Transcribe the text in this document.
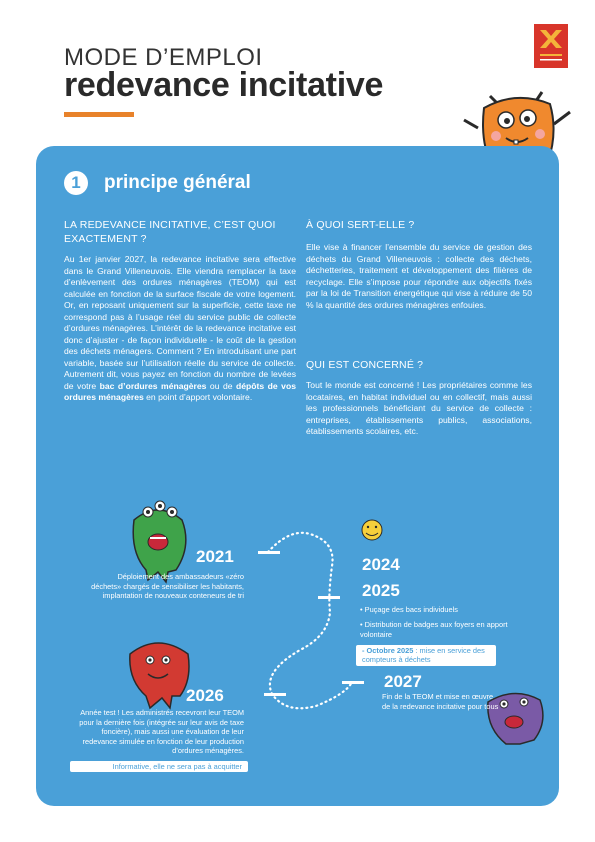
MODE D’EMPLOI
redevance incitative
1	principe général
LA REDEVANCE INCITATIVE, C’EST QUOI EXACTEMENT ?
Au 1er janvier 2027, la redevance incitative sera effective dans le Grand Villeneuvois. Elle viendra remplacer la taxe d’enlèvement des ordures ménagères (TEOM) qui est calculée en fonction de la surface fiscale de votre logement. Or, en reposant uniquement sur la superficie, cette taxe ne correspond pas à l’usage réel du service public de collecte d’ordures ménagères. L’intérêt de la redevance incitative est donc d’ajuster - de façon individuelle - le coût de la gestion des déchets ménagers. Comment ? En introduisant une part variable, basée sur l’utilisation réelle du service de collecte. Autrement dit, vous payez en fonction du nombre de levées de votre bac d’ordures ménagères ou de dépôts de vos ordures ménagères en point d’apport volontaire.
À QUOI SERT-ELLE ?
Elle vise à financer l’ensemble du service de gestion des déchets du Grand Villeneuvois : collecte des déchets, déchetteries, traitement et développement des filières de recyclage. Elle s’impose pour répondre aux objectifs fixés par la loi de Transition énergétique qui vise à réduire de 50 % la quantité des ordures ménagères enfouies.
QUI EST CONCERNÉ ?
Tout le monde est concerné ! Les propriétaires comme les locataires, en habitat individuel ou en collectif, mais aussi les professionnels bénéficiant du service de collecte : entreprises, établissements publics, associations, établissements scolaires, etc.
2021
Déploiement des ambassadeurs «zéro déchets» chargés de sensibiliser les habitants, implantation de nouveaux conteneurs de tri
2024
2025
• Puçage des bacs individuels
• Distribution de badges aux foyers en apport volontaire
- Octobre 2025 : mise en service des compteurs à déchets
2026
Année test ! Les administrés recevront leur TEOM pour la dernière fois (intégrée sur leur avis de taxe foncière), mais aussi une évaluation de leur redevance simulée en fonction de leur production d’ordures ménagères.
Informative, elle ne sera pas à acquitter
2027
Fin de la TEOM et mise en œuvre de la redevance incitative pour tous
